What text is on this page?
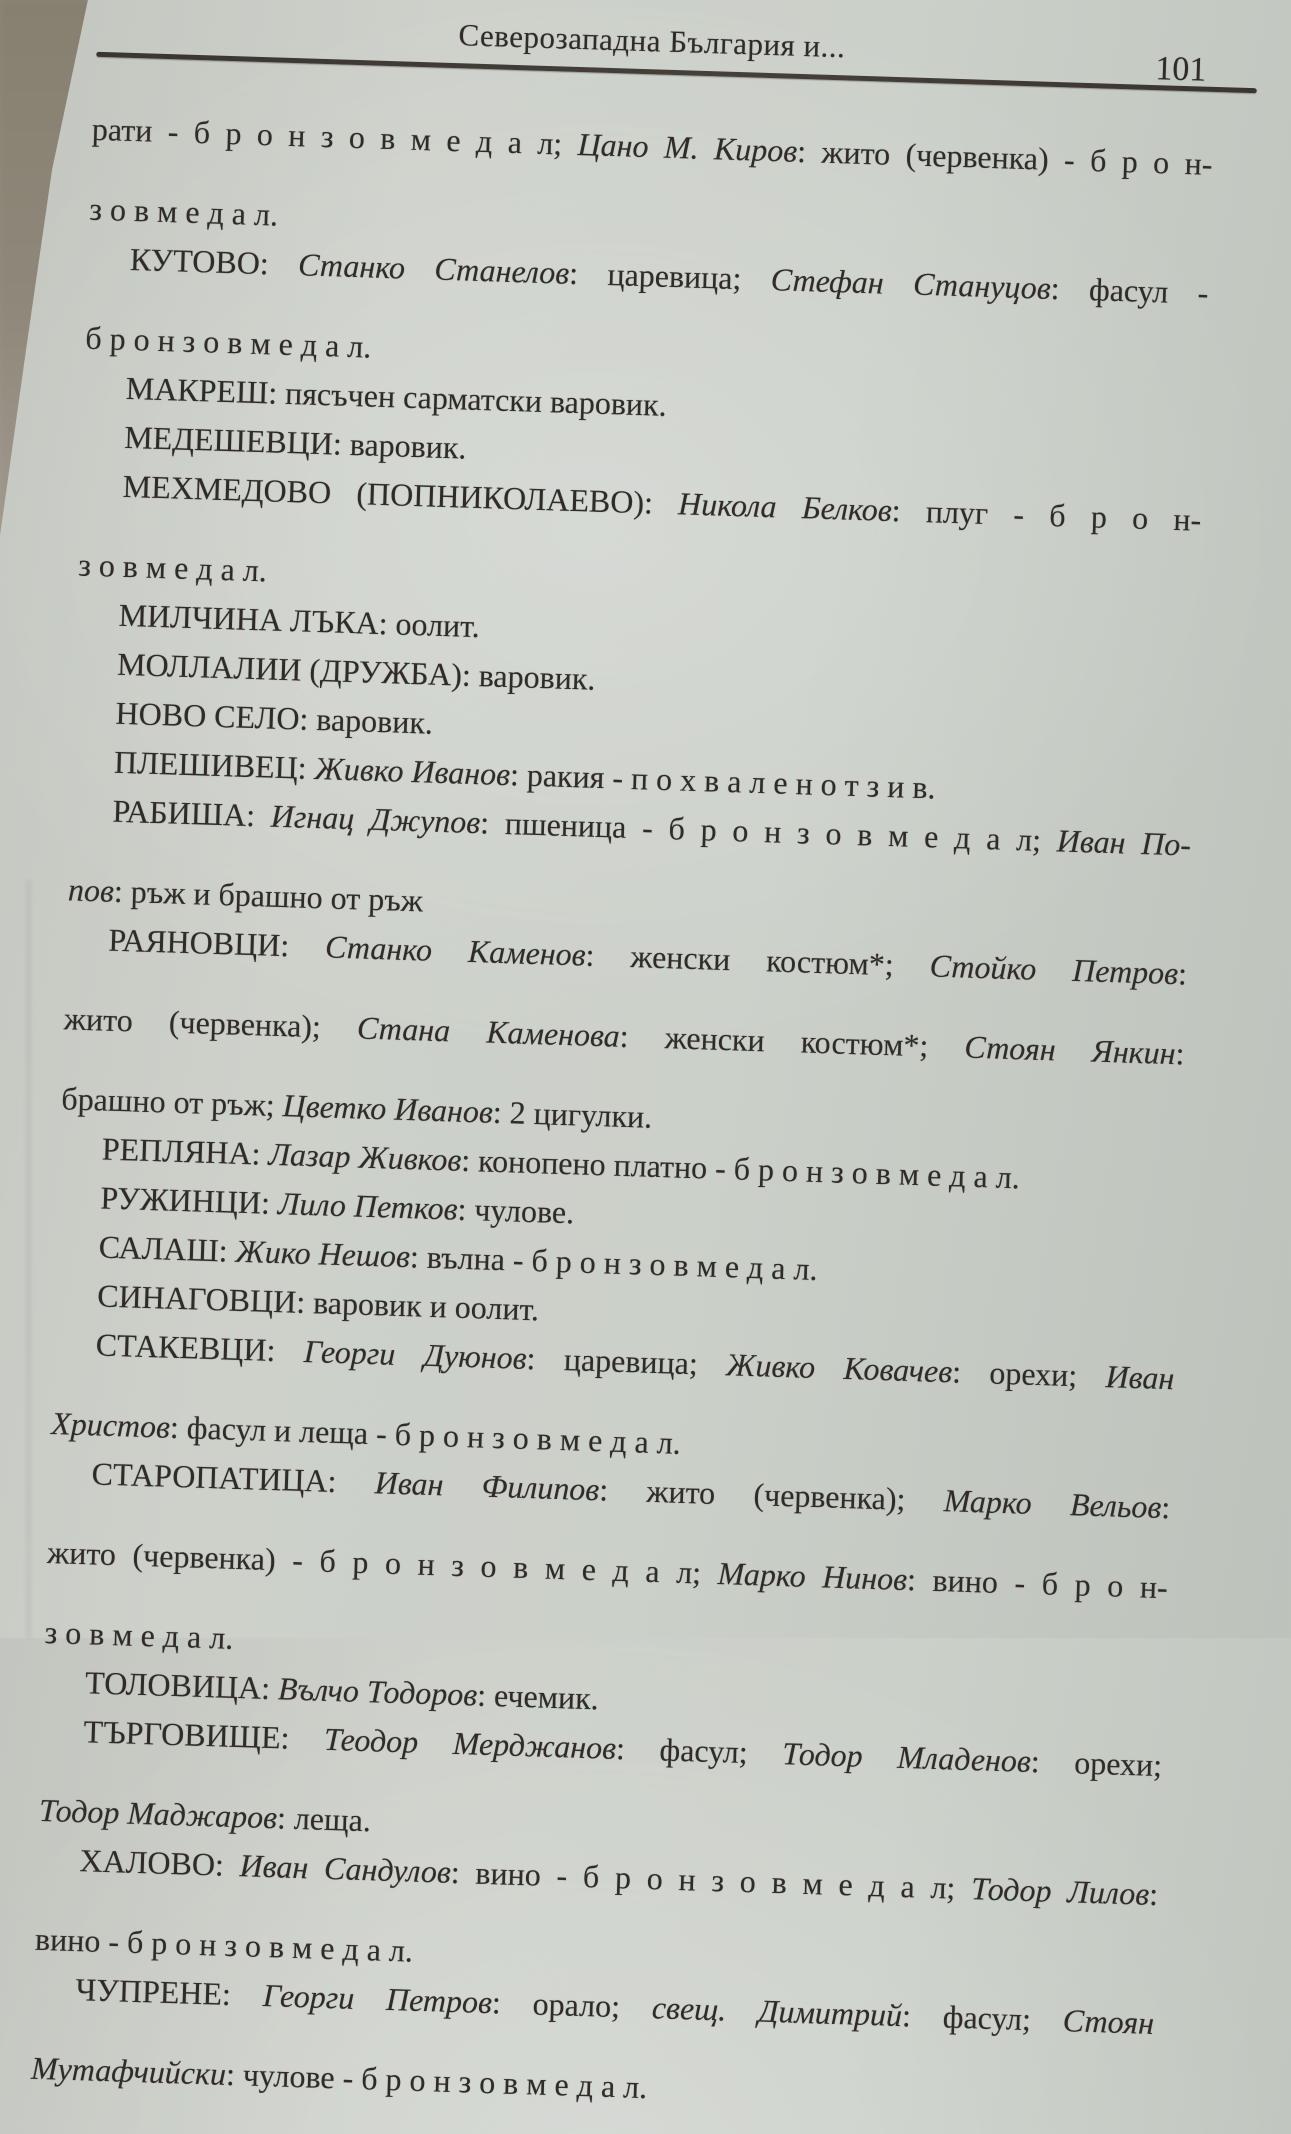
Северозападна България и...
101
рати - б р о н з о в м е д а л; Цано М. Киров: жито (червенка) - б р о н-
з о в м е д а л.
КУТОВО: Станко Станелов: царевица; Стефан Стануцов: фасул -
б р о н з о в м е д а л.
МАКРЕШ: пясъчен сарматски варовик.
МЕДЕШЕВЦИ: варовик.
МЕХМЕДОВО (ПОПНИКОЛАЕВО): Никола Белков: плуг - б р о н-
з о в м е д а л.
МИЛЧИНА ЛЪКА: оолит.
МОЛЛАЛИИ (ДРУЖБА): варовик.
НОВО СЕЛО: варовик.
ПЛЕШИВЕЦ: Живко Иванов: ракия - п о х в а л е н о т з и в.
РАБИША: Игнац Джупов: пшеница - б р о н з о в м е д а л; Иван По-
пов: ръж и брашно от ръж
РАЯНОВЦИ: Станко Каменов: женски костюм*; Стойко Петров:
жито (червенка); Стана Каменова: женски костюм*; Стоян Янкин:
брашно от ръж; Цветко Иванов: 2 цигулки.
РЕПЛЯНА: Лазар Живков: конопено платно - б р о н з о в м е д а л.
РУЖИНЦИ: Лило Петков: чулове.
САЛАШ: Жико Нешов: вълна - б р о н з о в м е д а л.
СИНАГОВЦИ: варовик и оолит.
СТАКЕВЦИ: Георги Дуюнов: царевица; Живко Ковачев: орехи; Иван
Христов: фасул и леща - б р о н з о в м е д а л.
СТАРОПАТИЦА: Иван Филипов: жито (червенка); Марко Вельов:
жито (червенка) - б р о н з о в м е д а л; Марко Нинов: вино - б р о н-
з о в м е д а л.
ТОЛОВИЦА: Вълчо Тодоров: ечемик.
ТЪРГОВИЩЕ: Теодор Мерджанов: фасул; Тодор Младенов: орехи;
Тодор Маджаров: леща.
ХАЛОВО: Иван Сандулов: вино - б р о н з о в м е д а л; Тодор Лилов:
вино - б р о н з о в м е д а л.
ЧУПРЕНЕ: Георги Петров: орало; свещ. Димитрий: фасул; Стоян
Мутафчийски: чулове - б р о н з о в м е д а л.
